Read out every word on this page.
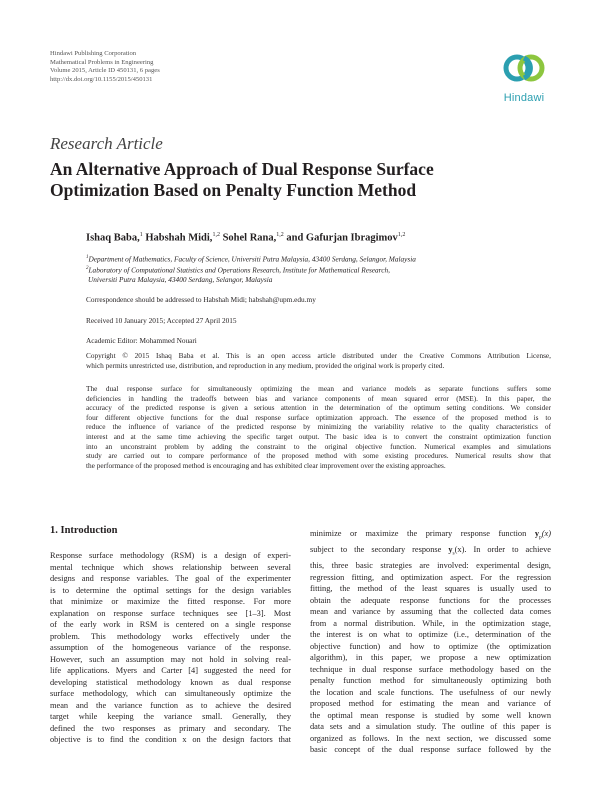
Hindawi Publishing Corporation
Mathematical Problems in Engineering
Volume 2015, Article ID 450131, 6 pages
http://dx.doi.org/10.1155/2015/450131
Hindawi
Research Article
An Alternative Approach of Dual Response Surface
Optimization Based on Penalty Function Method
Ishaq Baba,$^1$ Habshah Midi,$^{1,2}$ Sohel Rana,$^{1,2}$ and Gafurjan Ibragimov$^{1,2}$
$^1$Department of Mathematics, Faculty of Science, Universiti Putra Malaysia, 43400 Serdang, Selangor, Malaysia
$^2$Laboratory of Computational Statistics and Operations Research, Institute for Mathematical Research,
Universiti Putra Malaysia, 43400 Serdang, Selangor, Malaysia
Correspondence should be addressed to Habshah Midi; habshah@upm.edu.my
Received 10 January 2015; Accepted 27 April 2015
Academic Editor: Mohammed Nouari
Copyright © 2015 Ishaq Baba et al. This is an open access article distributed under the Creative Commons Attribution License,
which permits unrestricted use, distribution, and reproduction in any medium, provided the original work is properly cited.
The dual response surface for simultaneously optimizing the mean and variance models as separate functions suffers some
deficiencies in handling the tradeoffs between bias and variance components of mean squared error (MSE). In this paper, the
accuracy of the predicted response is given a serious attention in the determination of the optimum setting conditions. We consider
four different objective functions for the dual response surface optimization approach. The essence of the proposed method is to
reduce the influence of variance of the predicted response by minimizing the variability relative to the quality characteristics of
interest and at the same time achieving the specific target output. The basic idea is to convert the constraint optimization function
into an unconstraint problem by adding the constraint to the original objective function. Numerical examples and simulations
study are carried out to compare performance of the proposed method with some existing procedures. Numerical results show that
the performance of the proposed method is encouraging and has exhibited clear improvement over the existing approaches.
1. Introduction
Response surface methodology (RSM) is a design of experi-
mental technique which shows relationship between several
designs and response variables. The goal of the experimenter
is to determine the optimal settings for the design variables
that minimize or maximize the fitted response. For more
explanation on response surface techniques see [1–3]. Most
of the early work in RSM is centered on a single response
problem. This methodology works effectively under the
assumption of the homogeneous variance of the response.
However, such an assumption may not hold in solving real-
life applications. Myers and Carter [4] suggested the need for
developing statistical methodology known as dual response
surface methodology, which can simultaneously optimize the
mean and the variance function as to achieve the desired
target while keeping the variance small. Generally, they
defined the two responses as primary and secondary. The
objective is to find the condition x on the design factors that
minimize or maximize the primary response function $y_p(x)$
subject to the secondary response $y_s(x)$. In order to achieve
this, three basic strategies are involved: experimental design,
regression fitting, and optimization aspect. For the regression
fitting, the method of the least squares is usually used to
obtain the adequate response functions for the processes
mean and variance by assuming that the collected data comes
from a normal distribution. While, in the optimization stage,
the interest is on what to optimize (i.e., determination of the
objective function) and how to optimize (the optimization
algorithm), in this paper, we propose a new optimization
technique in dual response surface methodology based on the
penalty function method for simultaneously optimizing both
the location and scale functions. The usefulness of our newly
proposed method for estimating the mean and variance of
the optimal mean response is studied by some well known
data sets and a simulation study. The outline of this paper is
organized as follows. In the next section, we discussed some
basic concept of the dual response surface followed by the
